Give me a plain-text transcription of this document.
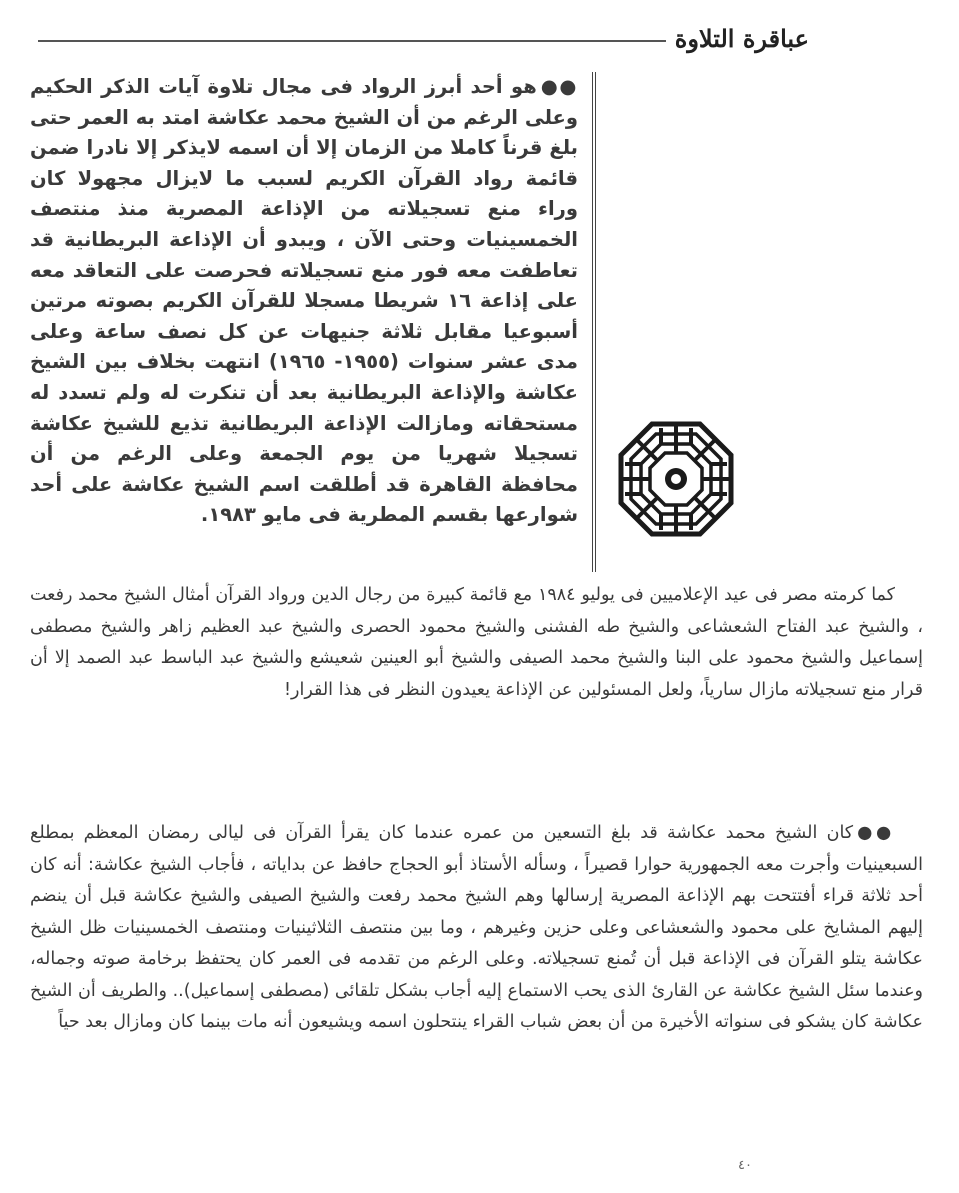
عباقرة التلاوة
●●هو أحد أبرز الرواد فى مجال تلاوة آيات الذكر الحكيم وعلى الرغم من أن الشيخ محمد عكاشة امتد به العمر حتى بلغ قرناً كاملا من الزمان إلا أن اسمه لايذكر إلا نادرا ضمن قائمة رواد القرآن الكريم لسبب ما لايزال مجهولا كان وراء منع تسجيلاته من الإذاعة المصرية منذ منتصف الخمسينيات وحتى الآن ، ويبدو أن الإذاعة البريطانية قد تعاطفت معه فور منع تسجيلاته فحرصت على التعاقد معه على إذاعة ١٦ شريطا مسجلا للقرآن الكريم بصوته مرتين أسبوعيا مقابل ثلاثة جنيهات عن كل نصف ساعة وعلى مدى عشر سنوات (١٩٥٥- ١٩٦٥) انتهت بخلاف بين الشيخ عكاشة والإذاعة البريطانية بعد أن تنكرت له ولم تسدد له مستحقاته ومازالت الإذاعة البريطانية تذيع للشيخ عكاشة تسجيلا شهريا من يوم الجمعة وعلى الرغم من أن محافظة القاهرة قد أطلقت اسم الشيخ عكاشة على أحد شوارعها بقسم المطرية فى مايو ١٩٨٣.
كما كرمته مصر فى عيد الإعلاميين فى يوليو ١٩٨٤ مع قائمة كبيرة من رجال الدين ورواد القرآن أمثال الشيخ محمد رفعت ، والشيخ عبد الفتاح الشعشاعى والشيخ طه الفشنى والشيخ محمود الحصرى والشيخ عبد العظيم زاهر والشيخ مصطفى إسماعيل والشيخ محمود على البنا والشيخ محمد الصيفى والشيخ أبو العينين شعيشع والشيخ عبد الباسط عبد الصمد إلا أن قرار منع تسجيلاته مازال سارياً، ولعل المسئولين عن الإذاعة يعيدون النظر فى هذا القرار!
●●كان الشيخ محمد عكاشة قد بلغ التسعين من عمره عندما كان يقرأ القرآن فى ليالى رمضان المعظم بمطلع السبعينيات وأجرت معه الجمهورية حوارا قصيراً ، وسأله الأستاذ أبو الحجاج حافظ عن بداياته ، فأجاب الشيخ عكاشة: أنه كان أحد ثلاثة قراء أفتتحت بهم الإذاعة المصرية إرسالها وهم الشيخ محمد رفعت والشيخ الصيفى والشيخ عكاشة قبل أن ينضم إليهم المشايخ على محمود والشعشاعى وعلى حزين وغيرهم ، وما بين منتصف الثلاثينيات ومنتصف الخمسينيات ظل الشيخ عكاشة يتلو القرآن فى الإذاعة قبل أن تُمنع تسجيلاته. وعلى الرغم من تقدمه فى العمر كان يحتفظ برخامة صوته وجماله، وعندما سئل الشيخ عكاشة عن القارئ الذى يحب الاستماع إليه أجاب بشكل تلقائى (مصطفى إسماعيل).. والطريف أن الشيخ عكاشة كان يشكو فى سنواته الأخيرة من أن بعض شباب القراء ينتحلون اسمه ويشيعون أنه مات بينما كان ومازال بعد حياً
٤٠
